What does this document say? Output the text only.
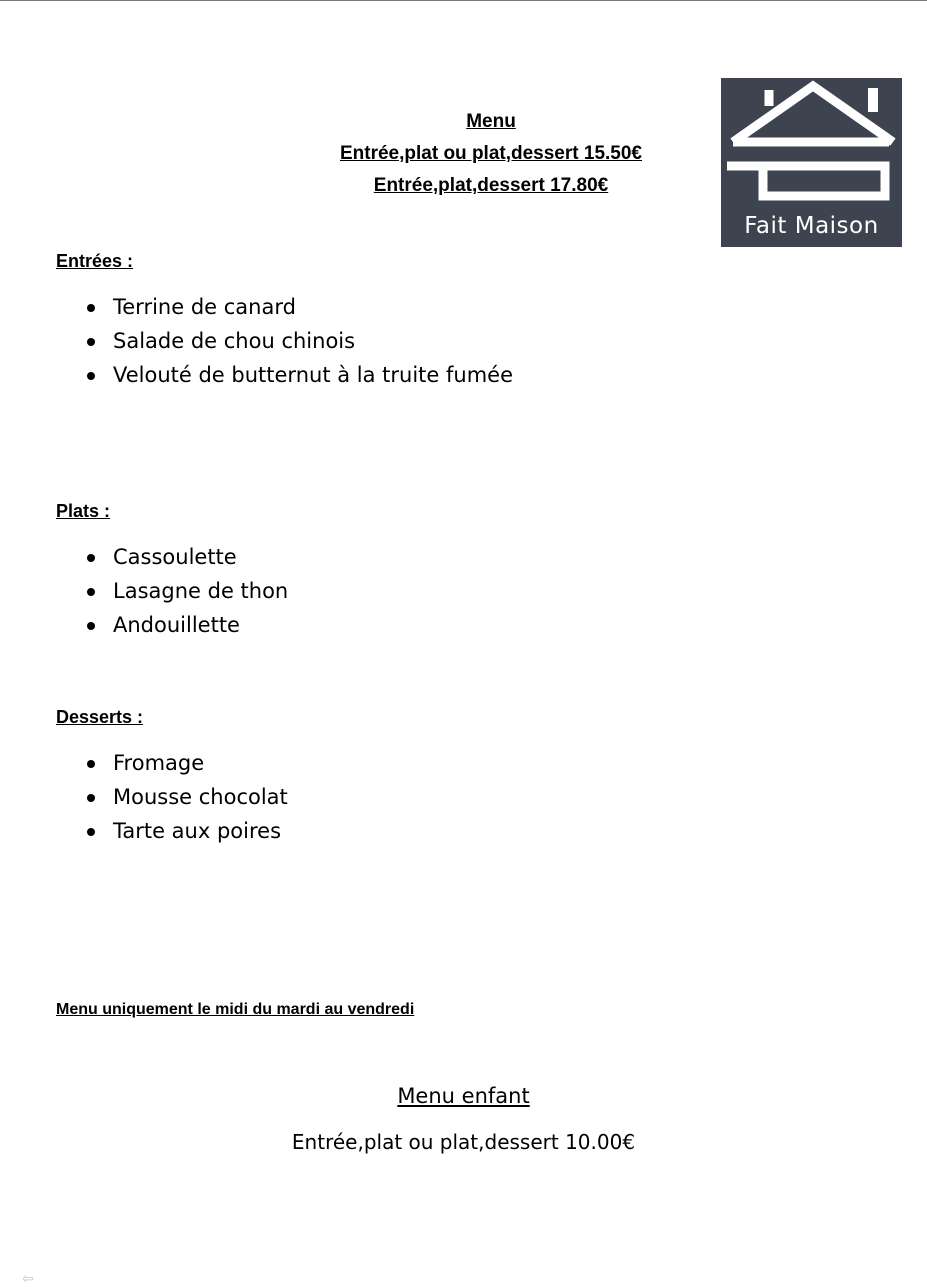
Menu
Entrée,plat ou plat,dessert 15.50€
Entrée,plat,dessert 17.80€
Fait Maison

Entrées :

Terrine de canard
Salade de chou chinois
Velouté de butternut à la truite fumée

Plats :

Cassoulette
Lasagne de thon
Andouillette

Desserts :

Fromage
Mousse chocolat
Tarte aux poires
Menu uniquement le midi du mardi au vendredi
Menu enfant
Entrée,plat ou plat,dessert 10.00€
⇦
